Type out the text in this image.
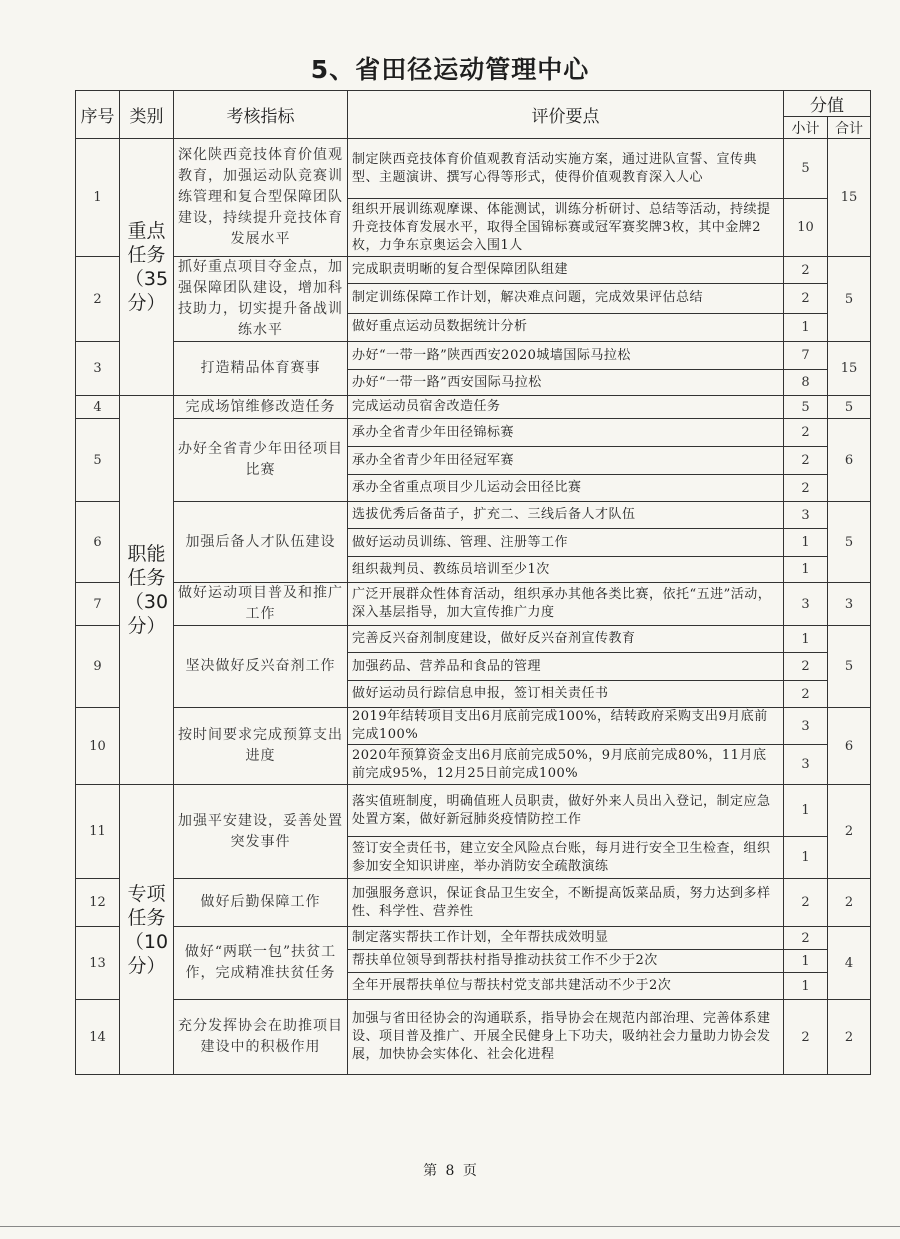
5、省田径运动管理中心
序号	类别	考核指标	评价要点	分值	
				小计	合计
1	重点任务（35分）	深化陕西竞技体育价值观教育，加强运动队竞赛训练管理和复合型保障团队建设，持续提升竞技体育发展水平	制定陕西竞技体育价值观教育活动实施方案，通过进队宣誓、宣传典型、主题演讲、撰写心得等形式，使得价值观教育深入人心	5	15
			组织开展训练观摩课、体能测试，训练分析研讨、总结等活动，持续提升竞技体育发展水平，取得全国锦标赛或冠军赛奖牌3枚，其中金牌2枚，力争东京奥运会入围1人	10	
2		抓好重点项目夺金点，加强保障团队建设，增加科技助力，切实提升备战训练水平	完成职责明晰的复合型保障团队组建	2	5
			制定训练保障工作计划，解决难点问题，完成效果评估总结	2	
			做好重点运动员数据统计分析	1	
3		打造精品体育赛事	办好“一带一路”陕西西安2020城墙国际马拉松	7	15
			办好“一带一路”西安国际马拉松	8	
4	职能任务（30分）	完成场馆维修改造任务	完成运动员宿舍改造任务	5	5
5		办好全省青少年田径项目比赛	承办全省青少年田径锦标赛	2	6
			承办全省青少年田径冠军赛	2	
			承办全省重点项目少儿运动会田径比赛	2	
6		加强后备人才队伍建设	选拔优秀后备苗子，扩充二、三线后备人才队伍	3	5
			做好运动员训练、管理、注册等工作	1	
			组织裁判员、教练员培训至少1次	1	
7		做好运动项目普及和推广工作	广泛开展群众性体育活动，组织承办其他各类比赛，依托“五进”活动，深入基层指导，加大宣传推广力度	3	3
9		坚决做好反兴奋剂工作	完善反兴奋剂制度建设，做好反兴奋剂宣传教育	1	5
			加强药品、营养品和食品的管理	2	
			做好运动员行踪信息申报，签订相关责任书	2	
10		按时间要求完成预算支出进度	2019年结转项目支出6月底前完成100%，结转政府采购支出9月底前完成100%	3	6
			2020年预算资金支出6月底前完成50%，9月底前完成80%，11月底前完成95%，12月25日前完成100%	3	
11	专项任务（10分）	加强平安建设，妥善处置突发事件	落实值班制度，明确值班人员职责，做好外来人员出入登记，制定应急处置方案，做好新冠肺炎疫情防控工作	1	2
			签订安全责任书，建立安全风险点台账，每月进行安全卫生检查，组织参加安全知识讲座，举办消防安全疏散演练	1	
12		做好后勤保障工作	加强服务意识，保证食品卫生安全，不断提高饭菜品质，努力达到多样性、科学性、营养性	2	2
13		做好“两联一包”扶贫工作，完成精准扶贫任务	制定落实帮扶工作计划，全年帮扶成效明显	2	4
			帮扶单位领导到帮扶村指导推动扶贫工作不少于2次	1	
			全年开展帮扶单位与帮扶村党支部共建活动不少于2次	1	
14		充分发挥协会在助推项目建设中的积极作用	加强与省田径协会的沟通联系，指导协会在规范内部治理、完善体系建设、项目普及推广、开展全民健身上下功夫，吸纳社会力量助力协会发展，加快协会实体化、社会化进程	2	2
第 8 页
